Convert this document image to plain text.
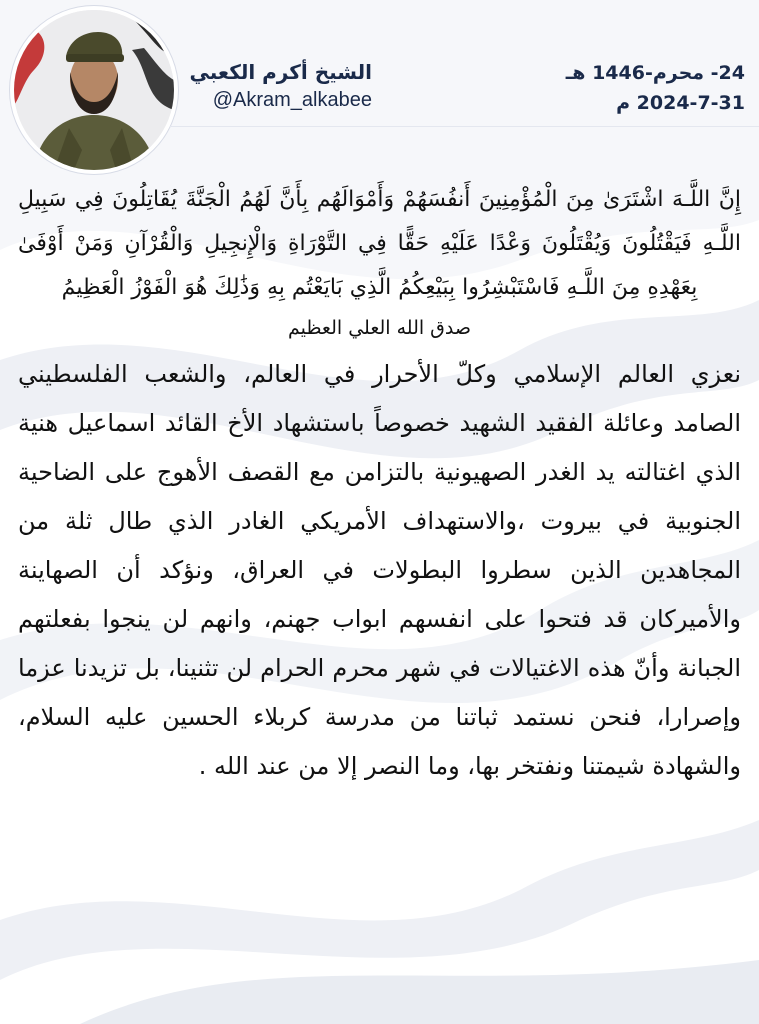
الشيخ أكرم الكعبي
@Akram_alkabee
24- محرم-1446 هـ
2024-7-31 م

إِنَّ اللَّـهَ اشْتَرَىٰ مِنَ الْمُؤْمِنِينَ أَنفُسَهُمْ وَأَمْوَالَهُم بِأَنَّ لَهُمُ الْجَنَّةَ يُقَاتِلُونَ فِي سَبِيلِ اللَّـهِ فَيَقْتُلُونَ وَيُقْتَلُونَ وَعْدًا عَلَيْهِ حَقًّا فِي التَّوْرَاةِ وَالْإِنجِيلِ وَالْقُرْآنِ وَمَنْ أَوْفَىٰ بِعَهْدِهِ مِنَ اللَّـهِ فَاسْتَبْشِرُوا بِبَيْعِكُمُ الَّذِي بَايَعْتُم بِهِ وَذَٰلِكَ هُوَ الْفَوْزُ الْعَظِيمُ

صدق الله العلي العظيم

نعزي العالم الإسلامي وكلّ الأحرار في العالم، والشعب الفلسطيني الصامد وعائلة الفقيد الشهيد خصوصاً باستشهاد الأخ القائد اسماعيل هنية الذي اغتالته يد الغدر الصهيونية بالتزامن مع القصف الأهوج على الضاحية الجنوبية في بيروت ،والاستهداف الأمريكي الغادر الذي طال ثلة من المجاهدين الذين سطروا البطولات في العراق، ونؤكد أن الصهاينة والأميركان قد فتحوا على انفسهم ابواب جهنم، وانهم لن ينجوا بفعلتهم الجبانة وأنّ هذه الاغتيالات في شهر محرم الحرام لن تثنينا، بل تزيدنا عزما وإصرارا، فنحن نستمد ثباتنا من مدرسة كربلاء الحسين عليه السلام، والشهادة شيمتنا ونفتخر بها، وما النصر إلا من عند الله .
